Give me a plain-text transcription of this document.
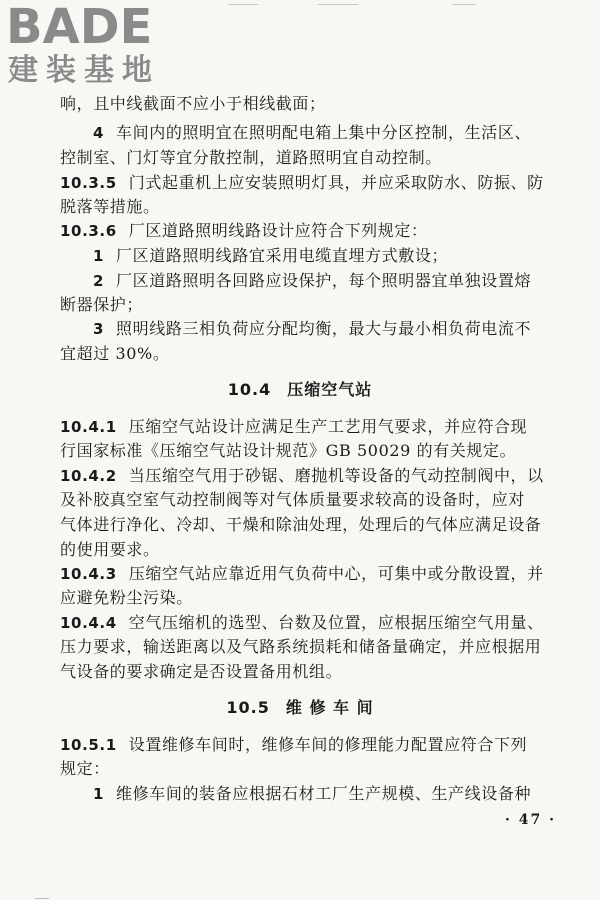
BADE
建装基地
响，且中线截面不应小于相线截面；
4 车间内的照明宜在照明配电箱上集中分区控制，生活区、
控制室、门灯等宜分散控制，道路照明宜自动控制。
10.3.5 门式起重机上应安装照明灯具，并应采取防水、防振、防
脱落等措施。
10.3.6 厂区道路照明线路设计应符合下列规定：
1 厂区道路照明线路宜采用电缆直埋方式敷设；
2 厂区道路照明各回路应设保护，每个照明器宜单独设置熔
断器保护；
3 照明线路三相负荷应分配均衡，最大与最小相负荷电流不
宜超过 30%。
10.4 压缩空气站
10.4.1 压缩空气站设计应满足生产工艺用气要求，并应符合现
行国家标准《压缩空气站设计规范》GB 50029 的有关规定。
10.4.2 当压缩空气用于砂锯、磨抛机等设备的气动控制阀中，以
及补胶真空室气动控制阀等对气体质量要求较高的设备时，应对
气体进行净化、冷却、干燥和除油处理，处理后的气体应满足设备
的使用要求。
10.4.3 压缩空气站应靠近用气负荷中心，可集中或分散设置，并
应避免粉尘污染。
10.4.4 空气压缩机的选型、台数及位置，应根据压缩空气用量、
压力要求，输送距离以及气路系统损耗和储备量确定，并应根据用
气设备的要求确定是否设置备用机组。
10.5 维 修 车 间
10.5.1 设置维修车间时，维修车间的修理能力配置应符合下列
规定：
1 维修车间的装备应根据石材工厂生产规模、生产线设备种
· 47 ·
